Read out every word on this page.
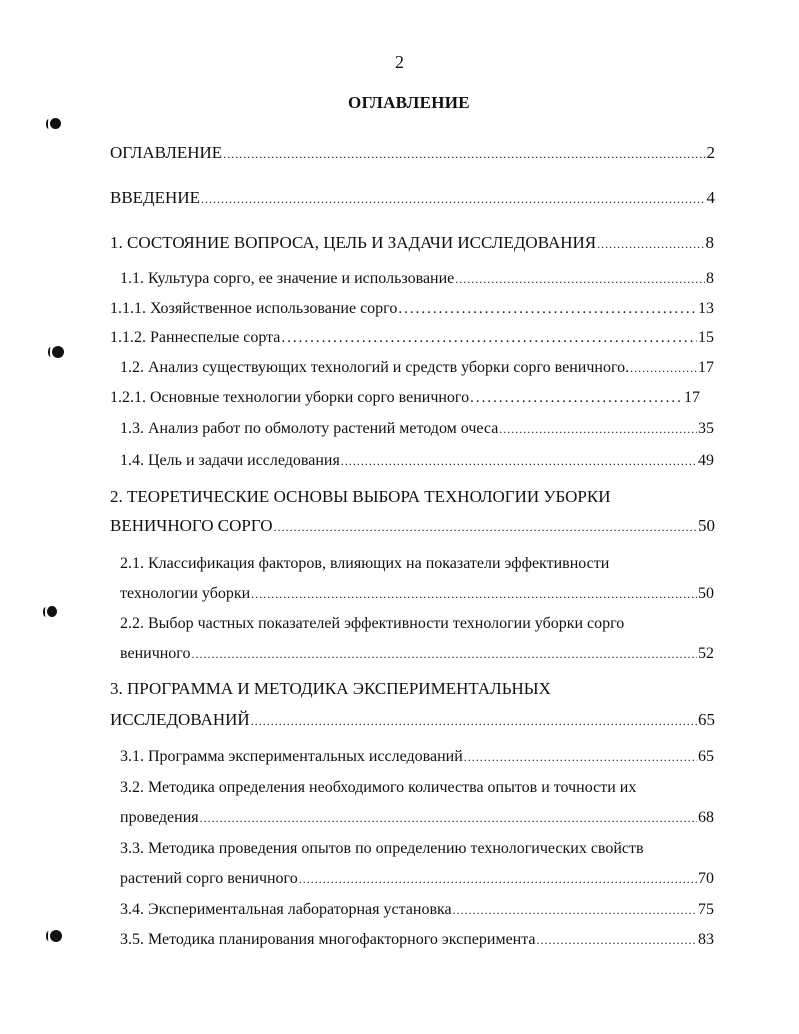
2
ОГЛАВЛЕНИЕ
ОГЛАВЛЕНИЕ .....	2
ВВЕДЕНИЕ .....	4
1. СОСТОЯНИЕ ВОПРОСА, ЦЕЛЬ И ЗАДАЧИ ИССЛЕДОВАНИЯ .....	8
1.1. Культура сорго, ее значение и использование .....	8
1.1.1. Хозяйственное использование сорго .....	13
1.1.2. Раннеспелые сорта .....	15
1.2. Анализ существующих технологий и средств уборки сорго веничного. .....	17
1.2.1. Основные технологии уборки сорго веничного .....	17
1.3. Анализ работ по обмолоту растений методом очеса .....	35
1.4. Цель и задачи исследования .....	49
2. ТЕОРЕТИЧЕСКИЕ ОСНОВЫ ВЫБОРА ТЕХНОЛОГИИ УБОРКИ
ВЕНИЧНОГО СОРГО .....	50
2.1. Классификация факторов, влияющих на показатели эффективности
технологии уборки .....	50
2.2. Выбор частных показателей эффективности технологии уборки сорго
веничного .....	52
3. ПРОГРАММА И МЕТОДИКА ЭКСПЕРИМЕНТАЛЬНЫХ
ИССЛЕДОВАНИЙ .....	65
3.1. Программа экспериментальных исследований .....	65
3.2. Методика определения необходимого количества опытов и точности их
проведения .....	68
3.3. Методика проведения опытов по определению технологических свойств
растений сорго веничного .....	70
3.4. Экспериментальная лабораторная установка .....	75
3.5. Методика планирования многофакторного эксперимента .....	83
